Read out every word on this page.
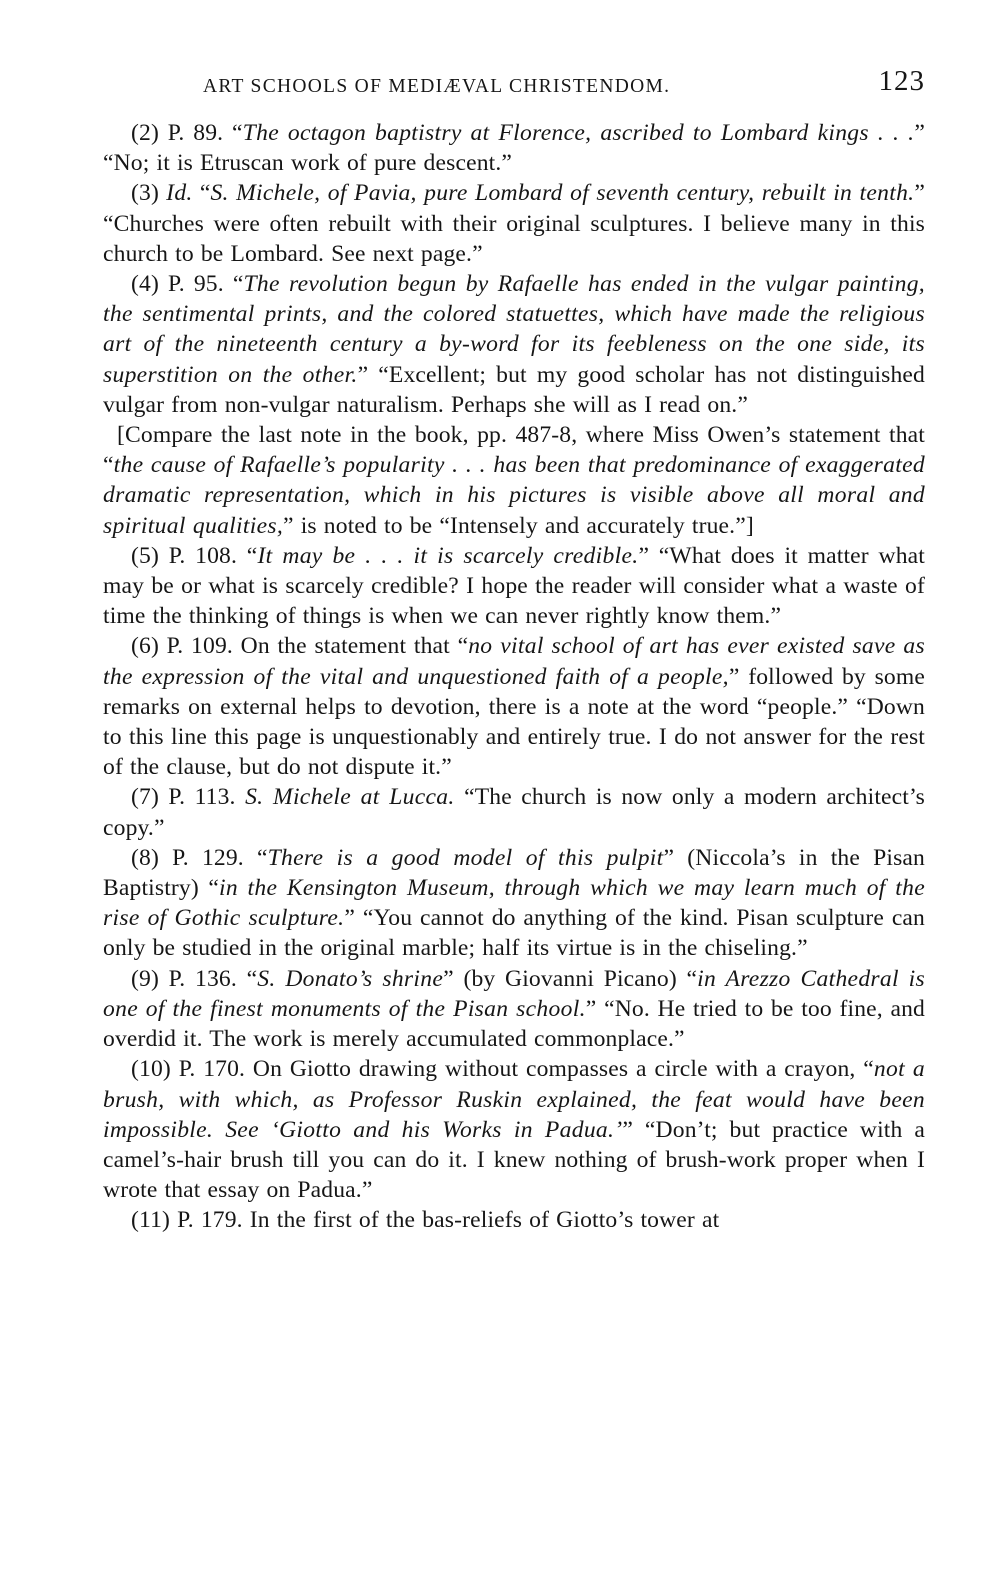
ART SCHOOLS OF MEDIÆVAL CHRISTENDOM.	123

(2) P. 89. “The octagon baptistry at Florence, ascribed to Lombard kings . . .” “No; it is Etruscan work of pure descent.”

(3) Id. “S. Michele, of Pavia, pure Lombard of seventh century, rebuilt in tenth.” “Churches were often rebuilt with their original sculptures. I believe many in this church to be Lombard. See next page.”

(4) P. 95. “The revolution begun by Rafaelle has ended in the vulgar painting, the sentimental prints, and the colored statuettes, which have made the religious art of the nineteenth century a by-word for its feebleness on the one side, its superstition on the other.” “Excellent; but my good scholar has not distinguished vulgar from non-vulgar naturalism. Perhaps she will as I read on.”

[Compare the last note in the book, pp. 487-8, where Miss Owen’s statement that “the cause of Rafaelle’s popularity . . . has been that predominance of exaggerated dramatic representation, which in his pictures is visible above all moral and spiritual qualities,” is noted to be “Intensely and accurately true.”]

(5) P. 108. “It may be . . . it is scarcely credible.” “What does it matter what may be or what is scarcely credible? I hope the reader will consider what a waste of time the thinking of things is when we can never rightly know them.”

(6) P. 109. On the statement that “no vital school of art has ever existed save as the expression of the vital and unquestioned faith of a people,” followed by some remarks on external helps to devotion, there is a note at the word “people.” “Down to this line this page is unquestionably and entirely true. I do not answer for the rest of the clause, but do not dispute it.”

(7) P. 113. S. Michele at Lucca. “The church is now only a modern architect’s copy.”

(8) P. 129. “There is a good model of this pulpit” (Niccola’s in the Pisan Baptistry) “in the Kensington Museum, through which we may learn much of the rise of Gothic sculpture.” “You cannot do anything of the kind. Pisan sculpture can only be studied in the original marble; half its virtue is in the chiseling.”

(9) P. 136. “S. Donato’s shrine” (by Giovanni Picano) “in Arezzo Cathedral is one of the finest monuments of the Pisan school.” “No. He tried to be too fine, and overdid it. The work is merely accumulated commonplace.”

(10) P. 170. On Giotto drawing without compasses a circle with a crayon, “not a brush, with which, as Professor Ruskin explained, the feat would have been impossible. See ‘Giotto and his Works in Padua.’” “Don’t; but practice with a camel’s-hair brush till you can do it. I knew nothing of brush-work proper when I wrote that essay on Padua.”

(11) P. 179. In the first of the bas-reliefs of Giotto’s tower at
